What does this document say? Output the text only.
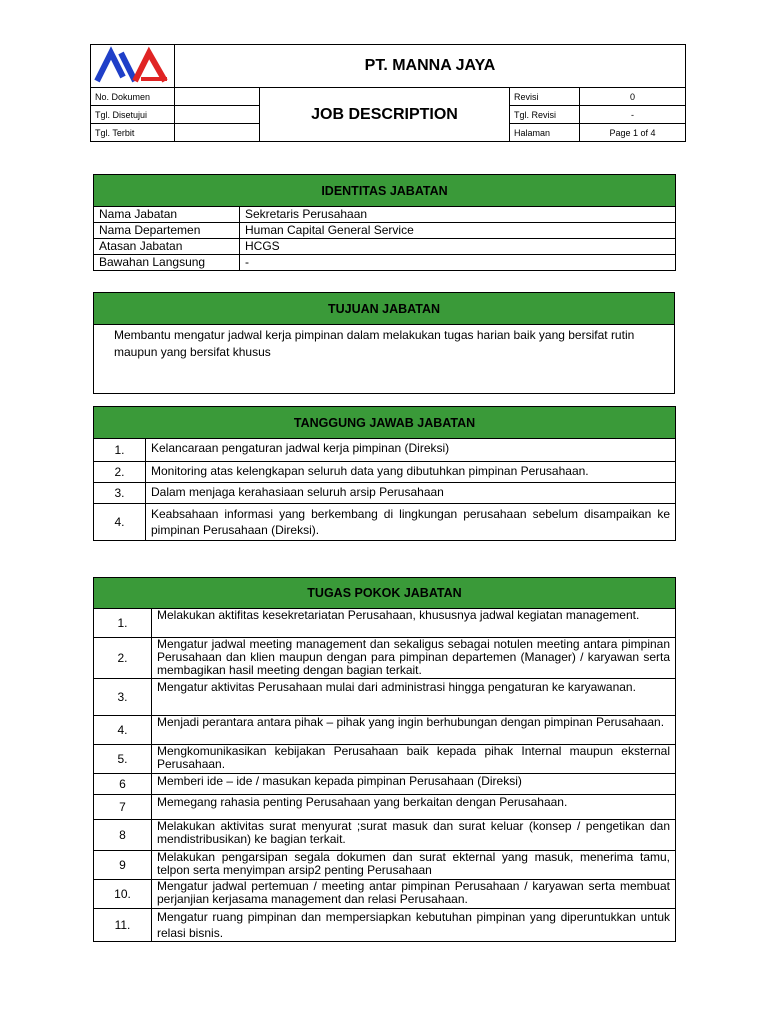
	PT. MANNA JAYA			
No. Dokumen		JOB DESCRIPTION	Revisi	0
Tgl. Disetujui			Tgl. Revisi	-
Tgl. Terbit			Halaman	Page 1 of 4
IDENTITAS JABATAN	
Nama Jabatan	Sekretaris Perusahaan
Nama Departemen	Human Capital General Service
Atasan Jabatan	HCGS
Bawahan Langsung	-
TUJUAN JABATAN
Membantu mengatur jadwal kerja pimpinan dalam melakukan tugas harian baik yang bersifat rutin maupun yang bersifat khusus
TANGGUNG JAWAB JABATAN	
1.	Kelancaraan pengaturan jadwal kerja pimpinan (Direksi)
2.	Monitoring atas kelengkapan seluruh data yang dibutuhkan pimpinan Perusahaan.
3.	Dalam menjaga kerahasiaan seluruh arsip Perusahaan
4.	Keabsahaan informasi yang berkembang di lingkungan perusahaan sebelum disampaikan ke pimpinan Perusahaan (Direksi).
TUGAS POKOK JABATAN	
1.	Melakukan aktifitas kesekretariatan Perusahaan, khususnya jadwal kegiatan management.
2.	Mengatur jadwal meeting management dan sekaligus sebagai notulen meeting antara pimpinan Perusahaan dan klien maupun dengan para pimpinan departemen (Manager) / karyawan serta membagikan hasil meeting dengan bagian terkait.
3.	Mengatur aktivitas Perusahaan mulai dari administrasi hingga pengaturan ke karyawanan.
4.	Menjadi perantara antara pihak – pihak yang ingin berhubungan dengan pimpinan Perusahaan.
5.	Mengkomunikasikan kebijakan Perusahaan baik kepada pihak Internal maupun eksternal Perusahaan.
6	Memberi ide – ide / masukan kepada pimpinan Perusahaan (Direksi)
7	Memegang rahasia penting Perusahaan yang berkaitan dengan Perusahaan.
8	Melakukan aktivitas surat menyurat ;surat masuk dan surat keluar (konsep / pengetikan dan mendistribusikan) ke bagian terkait.
9	Melakukan pengarsipan segala dokumen dan surat ekternal yang masuk, menerima tamu, telpon serta menyimpan arsip2 penting Perusahaan
10.	Mengatur jadwal pertemuan / meeting antar pimpinan Perusahaan / karyawan serta membuat perjanjian kerjasama management dan relasi Perusahaan.
11.	Mengatur ruang pimpinan dan mempersiapkan kebutuhan pimpinan yang diperuntukkan untuk relasi bisnis.
